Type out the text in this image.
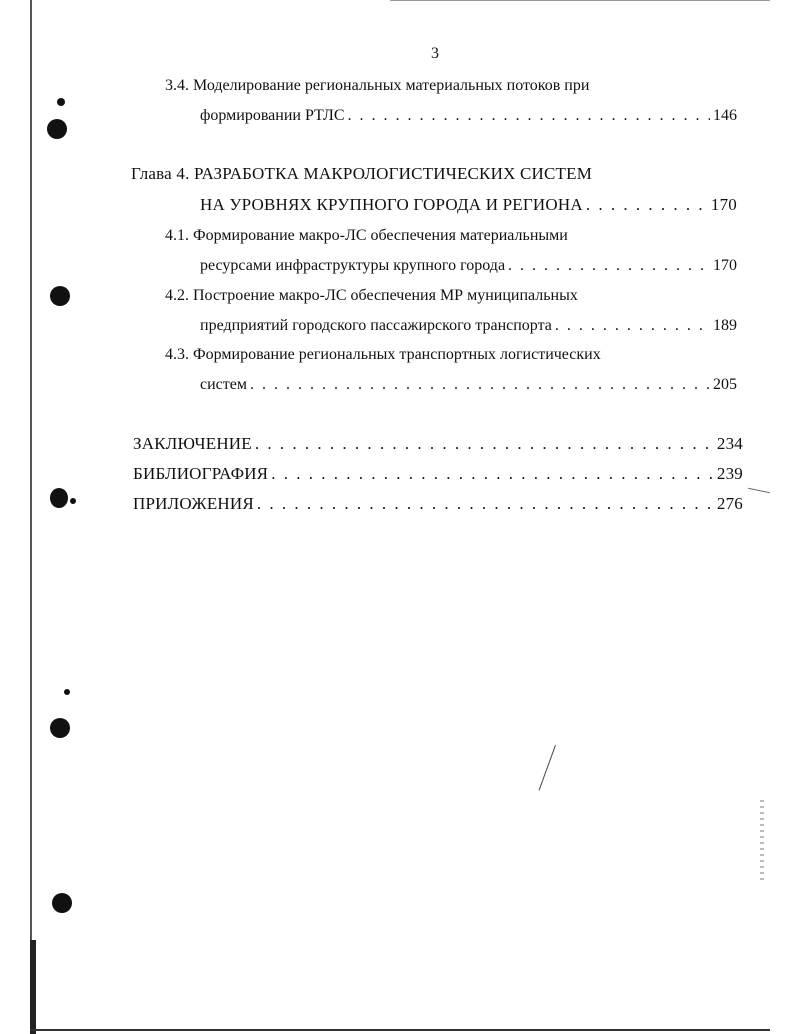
3
3.4. Моделирование региональных материальных потоков при
формировании РТЛС . . .	146
Глава 4. РАЗРАБОТКА МАКРОЛОГИСТИЧЕСКИХ СИСТЕМ
НА УРОВНЯХ КРУПНОГО ГОРОДА И РЕГИОНА . . .	170
4.1. Формирование макро-ЛС обеспечения материальными
ресурсами инфраструктуры крупного города . . .	170
4.2. Построение макро-ЛС обеспечения МР муниципальных
предприятий городского пассажирского транспорта . . .	189
4.3. Формирование региональных транспортных логистических
систем . . .	205
ЗАКЛЮЧЕНИЕ . . .	234
БИБЛИОГРАФИЯ . . .	239
ПРИЛОЖЕНИЯ . . .	276
